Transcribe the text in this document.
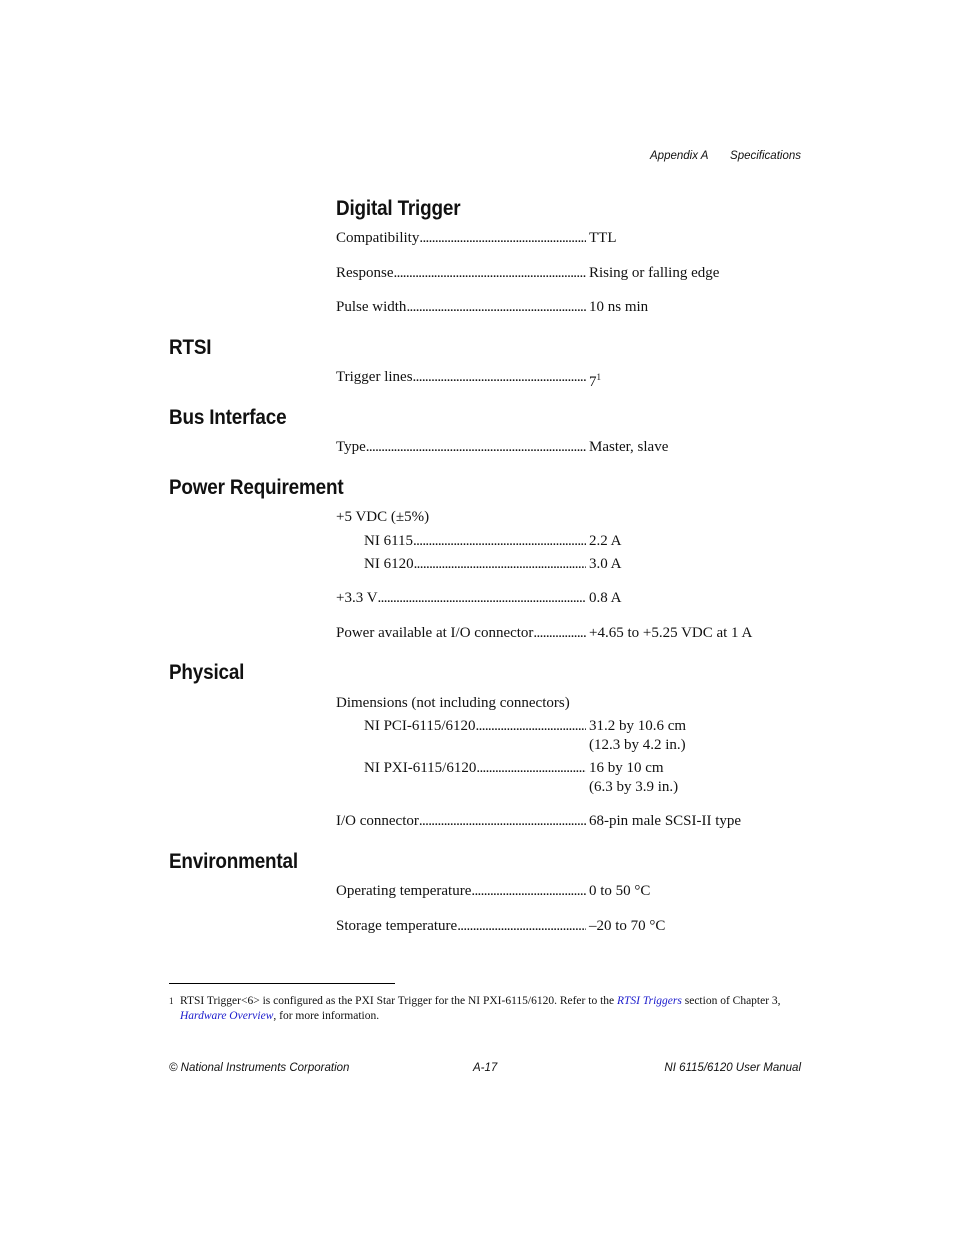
Appendix A Specifications
Digital Trigger
Compatibility . . .	TTL
Response . . .	Rising or falling edge
Pulse width . . .	10 ns min
RTSI
Trigger lines . . .	$7^1$
Bus Interface
Type . . .	Master, slave
Power Requirement
+5 VDC (±5%)
NI 6115 . . .	2.2 A
NI 6120 . . .	3.0 A
+3.3 V . . .	0.8 A
Power available at I/O connector . . .	+4.65 to +5.25 VDC at 1 A
Physical
Dimensions (not including connectors)
NI PCI-6115/6120 . . .	31.2 by 10.6 cm
(12.3 by 4.2 in.)
NI PXI-6115/6120 . . .	16 by 10 cm
(6.3 by 3.9 in.)
I/O connector . . .	68-pin male SCSI-II type
Environmental
Operating temperature . . .	0 to 50 °C
Storage temperature . . .	–20 to 70 °C
1 RTSI Trigger<6> is configured as the PXI Star Trigger for the NI PXI-6115/6120. Refer to the RTSI Triggers section of Chapter 3, Hardware Overview, for more information.
© National Instruments Corporation	A-17	NI 6115/6120 User Manual
